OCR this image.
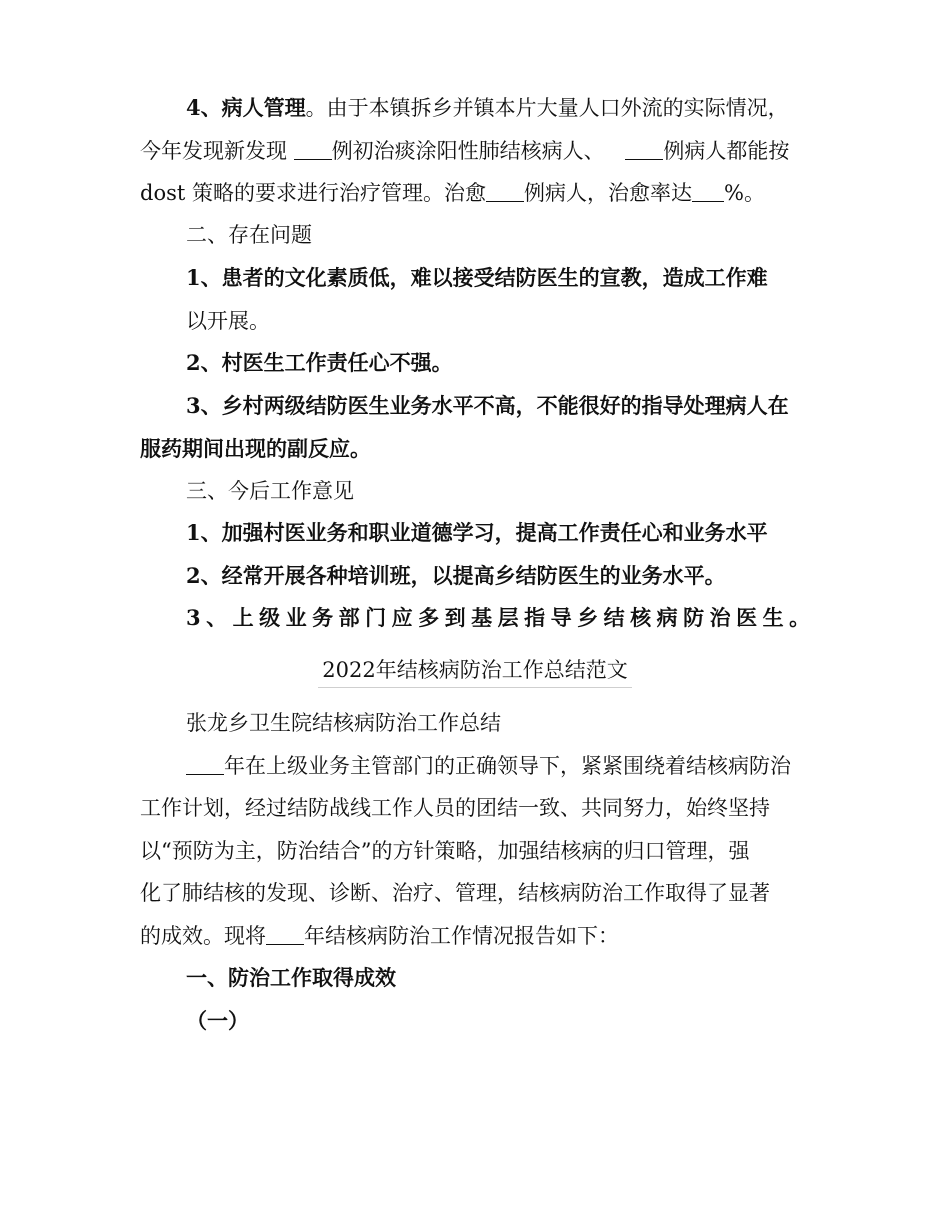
4、病人管理。由于本镇拆乡并镇本片大量人口外流的实际情况，
今年发现新发现 例初治痰涂阳性肺结核病人、 例病人都能按
dost 策略的要求进行治疗管理。治愈 例病人，治愈率达 %。
二、存在问题
1、患者的文化素质低，难以接受结防医生的宣教，造成工作难
以开展。
2、村医生工作责任心不强。
3、乡村两级结防医生业务水平不高，不能很好的指导处理病人在
服药期间出现的副反应。
三、今后工作意见
1、加强村医业务和职业道德学习，提高工作责任心和业务水平
2、经常开展各种培训班，以提高乡结防医生的业务水平。
3、上级业务部门应多到基层指导乡结核病防治医生。
2022年结核病防治工作总结范文
张龙乡卫生院结核病防治工作总结
年在上级业务主管部门的正确领导下，紧紧围绕着结核病防治
工作计划，经过结防战线工作人员的团结一致、共同努力，始终坚持
以“预防为主，防治结合”的方针策略，加强结核病的归口管理，强
化了肺结核的发现、诊断、治疗、管理，结核病防治工作取得了显著
的成效。现将 年结核病防治工作情况报告如下：
一、防治工作取得成效
（一）
